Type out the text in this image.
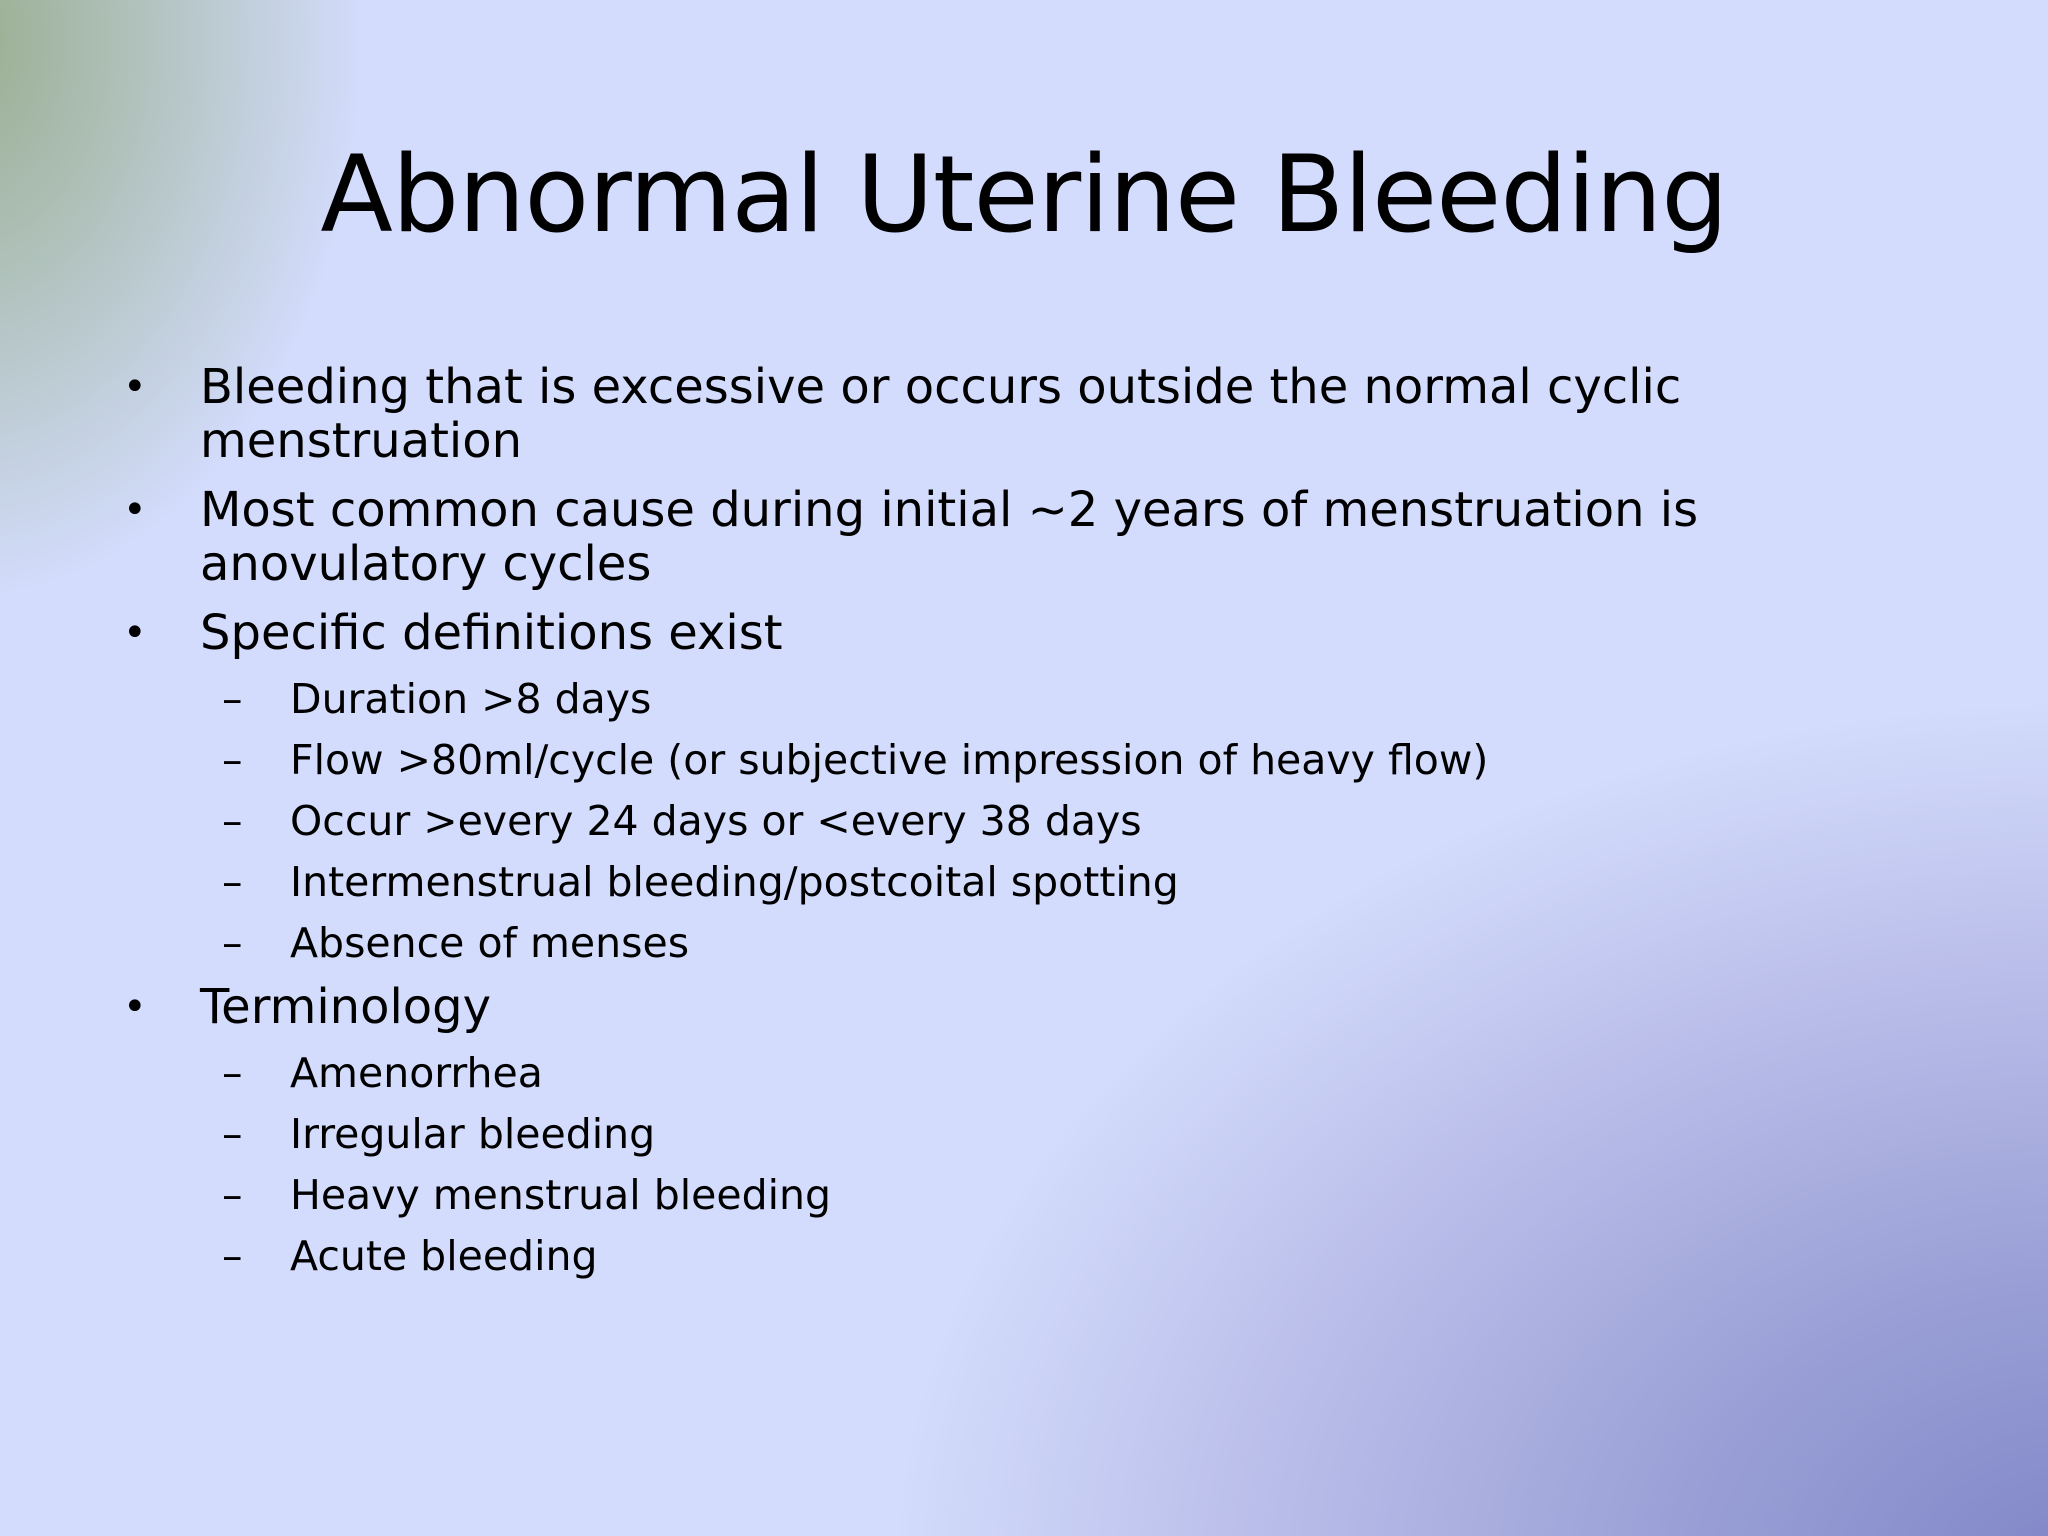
Abnormal Uterine Bleeding
• Bleeding that is excessive or occurs outside the normal cyclic menstruation
• Most common cause during initial ~2 years of menstruation is anovulatory cycles
• Specific definitions exist
– Duration >8 days
– Flow >80ml/cycle (or subjective impression of heavy flow)
– Occur >every 24 days or <every 38 days
– Intermenstrual bleeding/postcoital spotting
– Absence of menses
• Terminology
– Amenorrhea
– Irregular bleeding
– Heavy menstrual bleeding
– Acute bleeding
